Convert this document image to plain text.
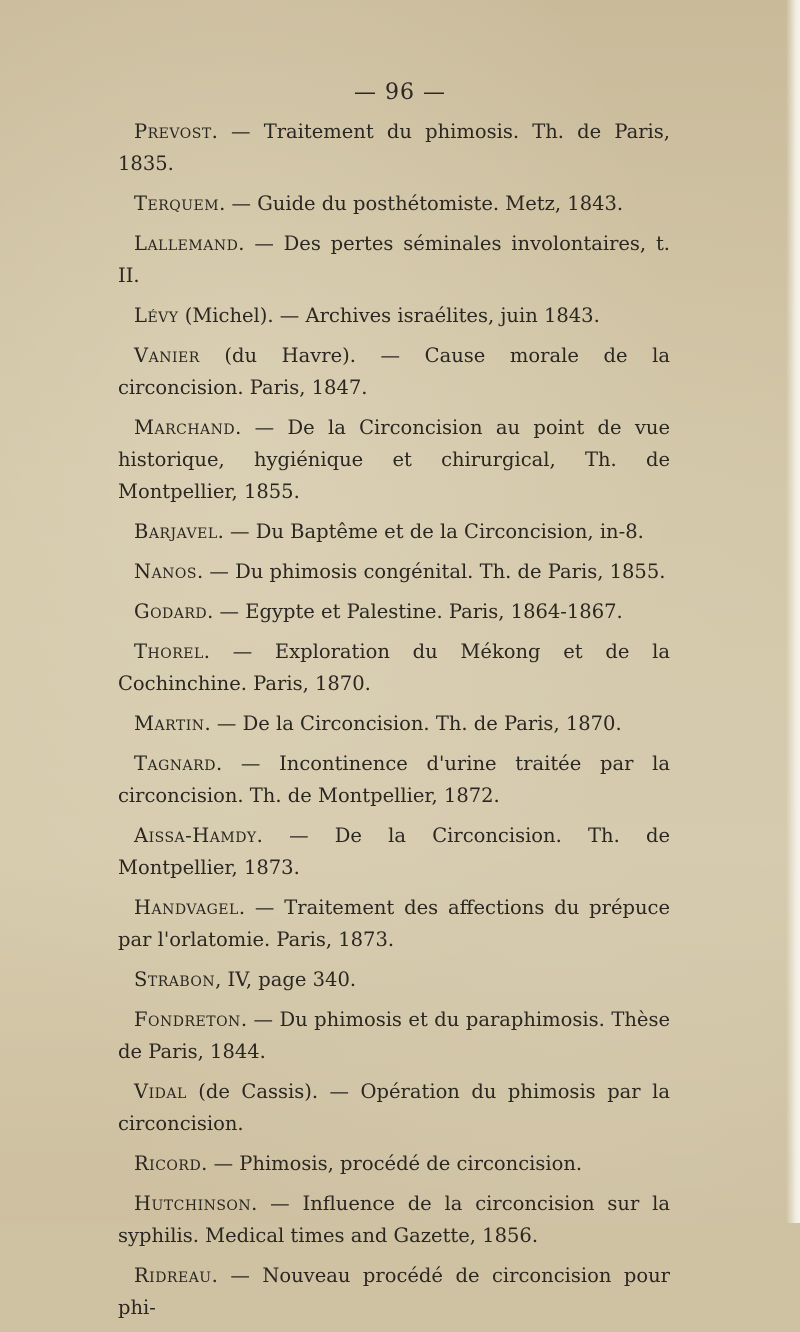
— 96 —

Prevost. — Traitement du phimosis. Th. de Paris, 1835.

Terquem. — Guide du posthétomiste. Metz, 1843.

Lallemand. — Des pertes séminales involontaires, t. II.

Lévy (Michel). — Archives israélites, juin 1843.

Vanier (du Havre). — Cause morale de la circoncision. Paris, 1847.

Marchand. — De la Circoncision au point de vue historique, hygiénique et chirurgical, Th. de Montpellier, 1855.

Barjavel. — Du Baptême et de la Circoncision, in-8.

Nanos. — Du phimosis congénital. Th. de Paris, 1855.

Godard. — Egypte et Palestine. Paris, 1864-1867.

Thorel. — Exploration du Mékong et de la Cochinchine. Paris, 1870.

Martin. — De la Circoncision. Th. de Paris, 1870.

Tagnard. — Incontinence d'urine traitée par la circoncision. Th. de Montpellier, 1872.

Aissa-Hamdy. — De la Circoncision. Th. de Montpellier, 1873.

Handvagel. — Traitement des affections du prépuce par l'orlatomie. Paris, 1873.

Strabon, IV, page 340.

Fondreton. — Du phimosis et du paraphimosis. Thèse de Paris, 1844.

Vidal (de Cassis). — Opération du phimosis par la circoncision.

Ricord. — Phimosis, procédé de circoncision.

Hutchinson. — Influence de la circoncision sur la syphilis. Medical times and Gazette, 1856.

Ridreau. — Nouveau procédé de circoncision pour phi-
